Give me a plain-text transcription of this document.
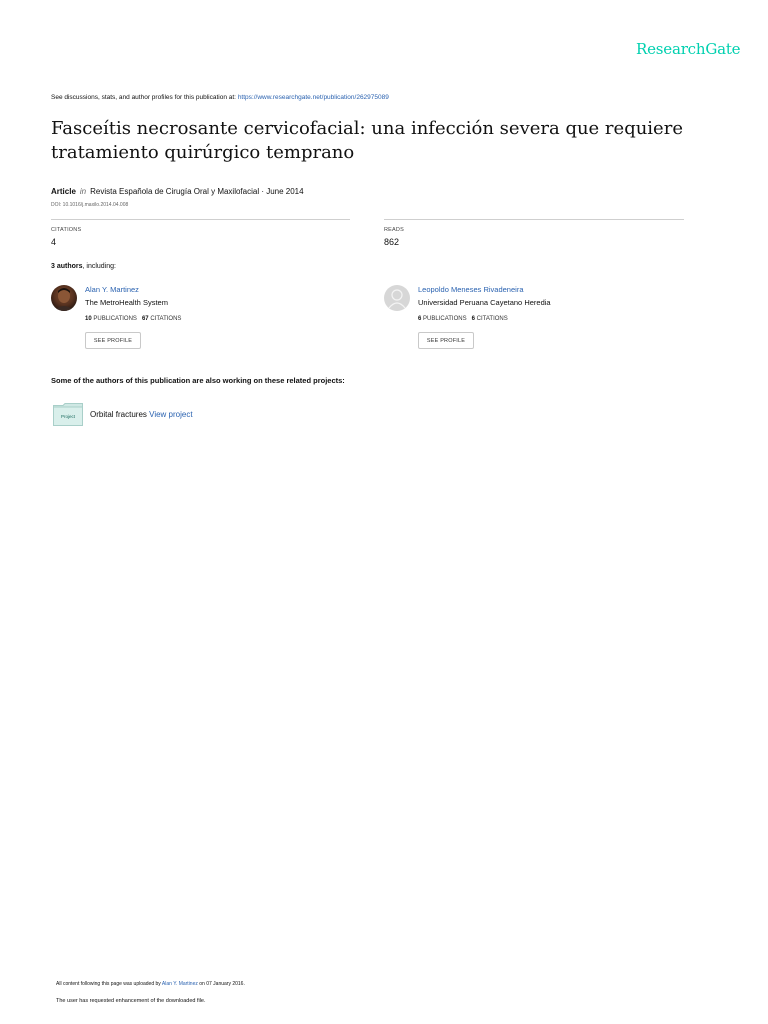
ResearchGate
See discussions, stats, and author profiles for this publication at: https://www.researchgate.net/publication/262975089
Fasceítis necrosante cervicofacial: una infección severa que requiere tratamiento quirúrgico temprano
Article in Revista Española de Cirugía Oral y Maxilofacial · June 2014
DOI: 10.1016/j.maxilo.2014.04.008
CITATIONS
4
READS
862
3 authors, including:
Alan Y. Martinez
The MetroHealth System
10 PUBLICATIONS 67 CITATIONS
SEE PROFILE
Leopoldo Meneses Rivadeneira
Universidad Peruana Cayetano Heredia
6 PUBLICATIONS 6 CITATIONS
SEE PROFILE
Some of the authors of this publication are also working on these related projects:
Project Orbital fractures View project
All content following this page was uploaded by Alan Y. Martinez on 07 January 2016.
The user has requested enhancement of the downloaded file.
